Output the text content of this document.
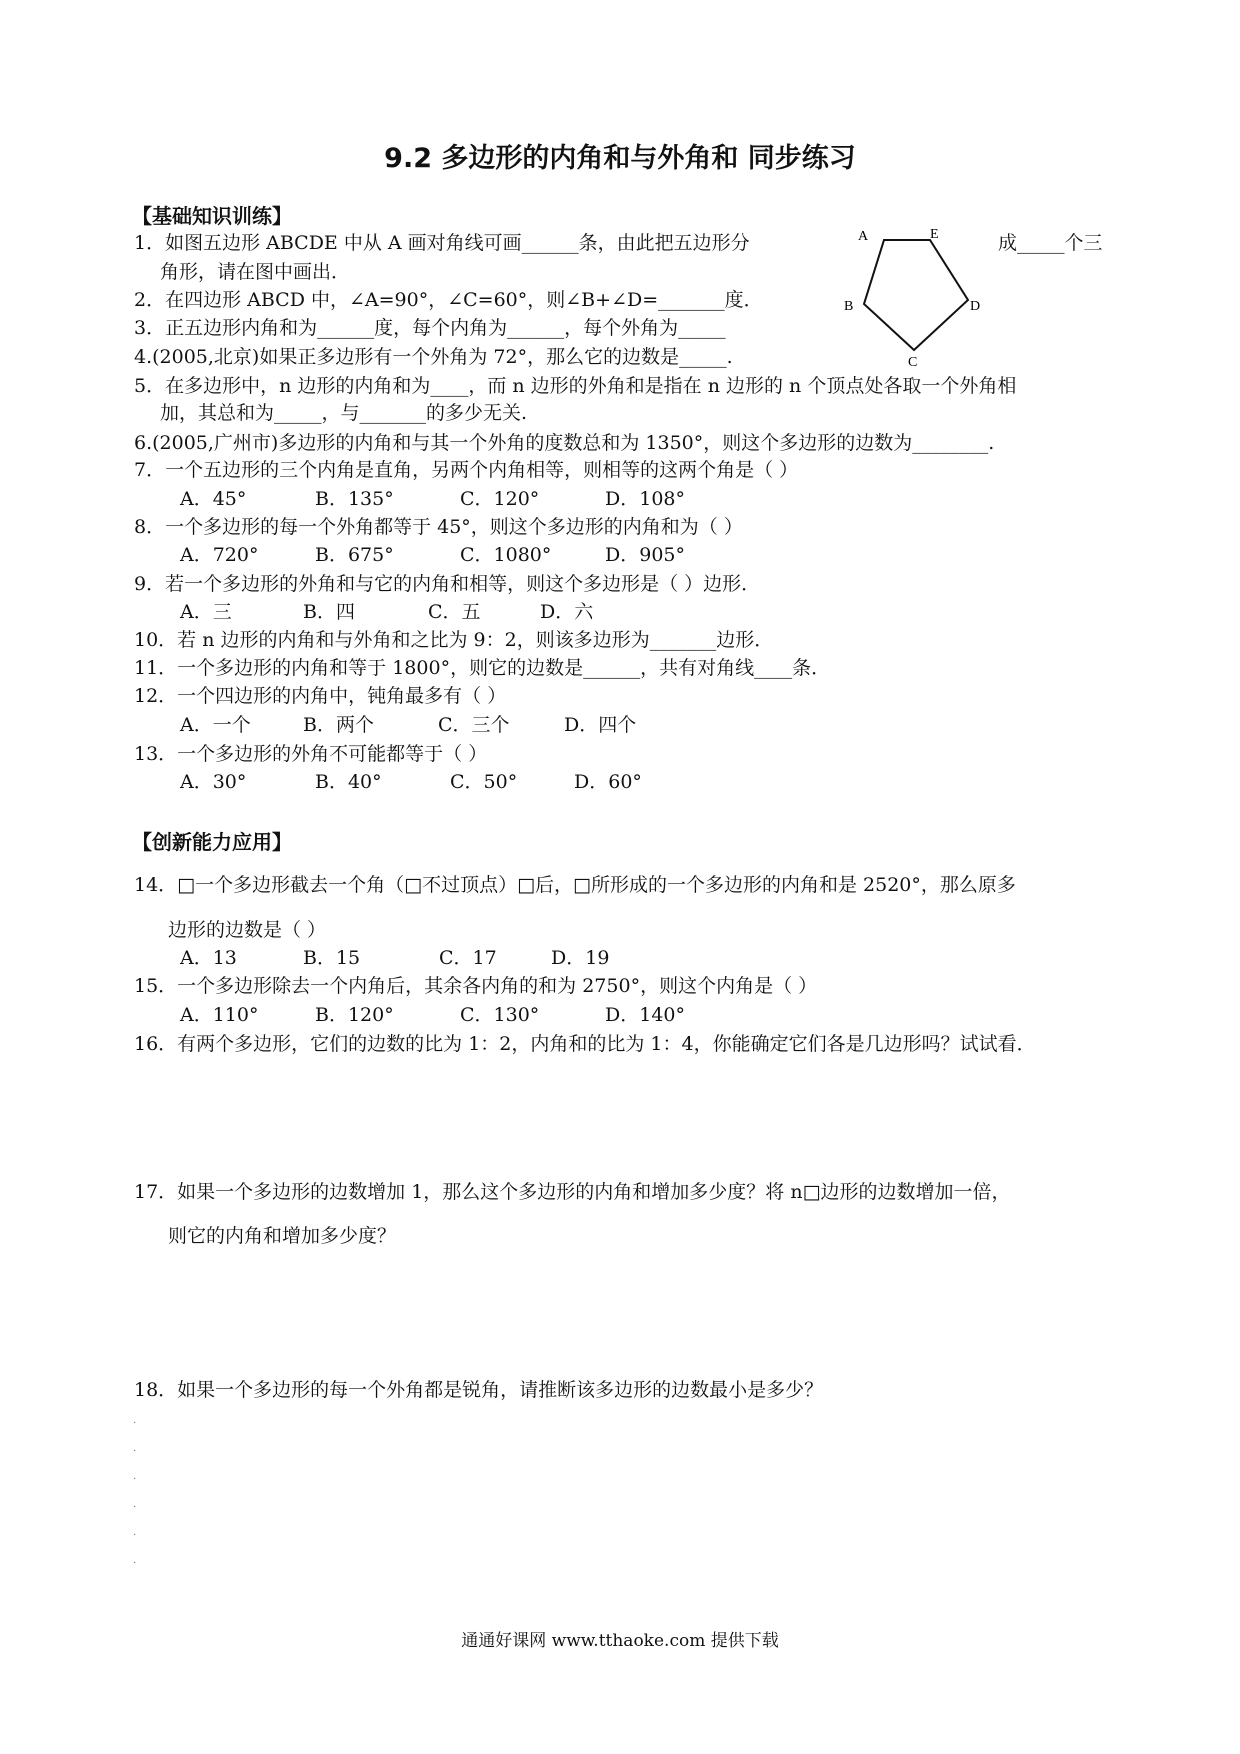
9.2 多边形的内角和与外角和 同步练习
【基础知识训练】
1．如图五边形 ABCDE 中从 A 画对角线可画______条，由此把五边形分	成_____个三
角形，请在图中画出．
A	E
B	D
C
2．在四边形 ABCD 中，∠A=90°，∠C=60°，则∠B+∠D=_______度．
3．正五边形内角和为______度，每个内角为______，每个外角为_____
4.(2005,北京)如果正多边形有一个外角为 72°，那么它的边数是_____.
5．在多边形中，n 边形的内角和为____，而 n 边形的外角和是指在 n 边形的 n 个顶点处各取一个外角相
加，其总和为_____，与_______的多少无关.
6.(2005,广州市)多边形的内角和与其一个外角的度数总和为 1350°，则这个多边形的边数为________.
7．一个五边形的三个内角是直角，另两个内角相等，则相等的这两个角是（ ）
A．45°	B．135°	C．120°	D．108°
8．一个多边形的每一个外角都等于 45°，则这个多边形的内角和为（ ）
A．720°	B．675°	C．1080°	D．905°
9．若一个多边形的外角和与它的内角和相等，则这个多边形是（ ）边形．
A．三	B．四	C．五	D．六
10．若 n 边形的内角和与外角和之比为 9：2，则该多边形为_______边形．
11．一个多边形的内角和等于 1800°，则它的边数是______，共有对角线____条．
12．一个四边形的内角中，钝角最多有（ ）
A．一个	B．两个	C．三个	D．四个
13．一个多边形的外角不可能都等于（ ）
A．30°	B．40°	C．50°	D．60°
【创新能力应用】
14．□一个多边形截去一个角（□不过顶点）□后，□所形成的一个多边形的内角和是 2520°，那么原多
边形的边数是（ ）
A．13	B．15	C．17	D．19
15．一个多边形除去一个内角后，其余各内角的和为 2750°，则这个内角是（ ）
A．110°	B．120°	C．130°	D．140°
16．有两个多边形，它们的边数的比为 1：2，内角和的比为 1：4，你能确定它们各是几边形吗？试试看．
17．如果一个多边形的边数增加 1，那么这个多边形的内角和增加多少度？将 n□边形的边数增加一倍，
则它的内角和增加多少度？
18．如果一个多边形的每一个外角都是锐角，请推断该多边形的边数最小是多少？
·
·
·
·
·
·
通通好课网 www.tthaoke.com 提供下载
